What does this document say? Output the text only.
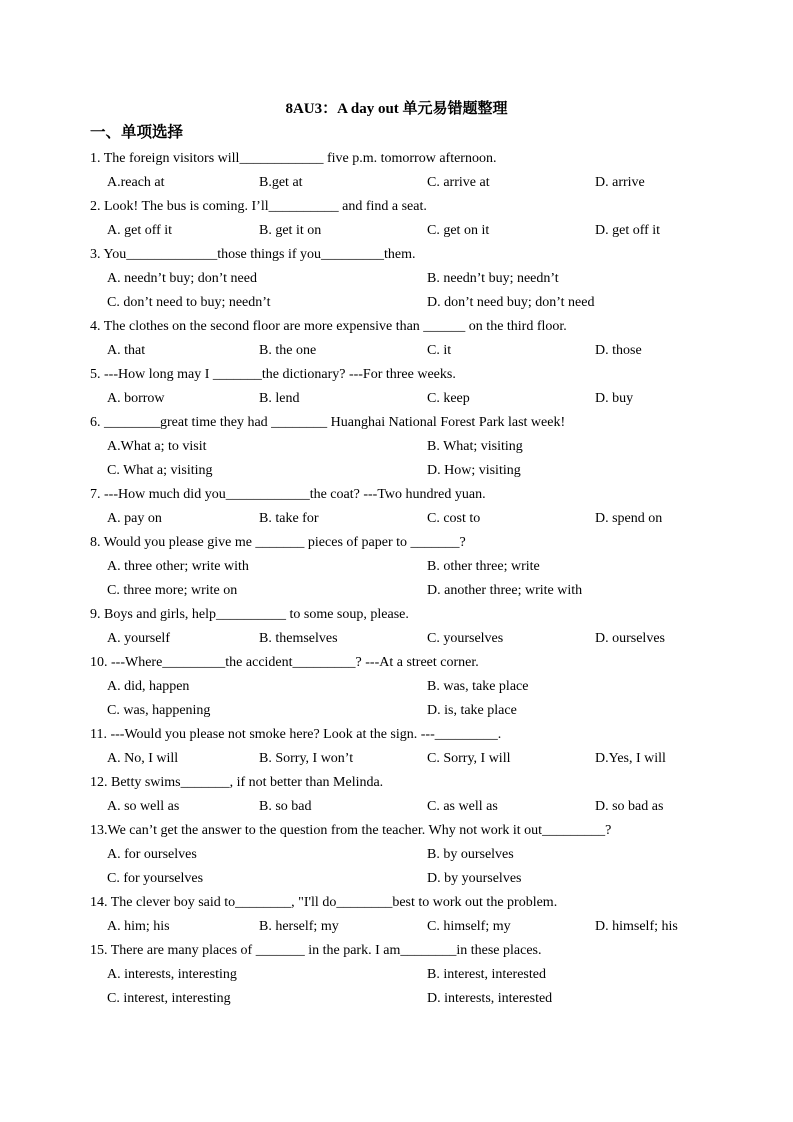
8AU3：A day out 单元易错题整理
一、单项选择
1. The foreign visitors will____________ five p.m. tomorrow afternoon.
A.reach at	B.get at	C. arrive at	D. arrive
2. Look! The bus is coming. I’ll__________ and find a seat.
A. get off it	B. get it on	C. get on it	D. get off it
3. You_____________those things if you_________them.
A. needn’t buy; don’t need	B. needn’t buy; needn’t
C. don’t need to buy; needn’t	D. don’t need buy; don’t need
4. The clothes on the second floor are more expensive than ______ on the third floor.
A. that	B. the one	C. it	D. those
5. ---How long may I _______the dictionary? ---For three weeks.
A. borrow	B. lend	C. keep	D. buy
6. ________great time they had ________ Huanghai National Forest Park last week!
A.What a; to visit	B. What; visiting
C. What a; visiting	D. How; visiting
7. ---How much did you____________the coat? ---Two hundred yuan.
A. pay on	B. take for	C. cost to	D. spend on
8. Would you please give me _______ pieces of paper to _______?
A. three other; write with	B. other three; write
C. three more; write on	D. another three; write with
9. Boys and girls, help__________ to some soup, please.
A. yourself	B. themselves	C. yourselves	D. ourselves
10. ---Where_________the accident_________? ---At a street corner.
A. did, happen	B. was, take place
C. was, happening	D. is, take place
11. ---Would you please not smoke here? Look at the sign. ---_________.
A. No, I will	B. Sorry, I won’t	C. Sorry, I will	D.Yes, I will
12. Betty swims_______, if not better than Melinda.
A. so well as	B. so bad	C. as well as	D. so bad as
13.We can’t get the answer to the question from the teacher. Why not work it out_________?
A. for ourselves	B. by ourselves
C. for yourselves	D. by yourselves
14. The clever boy said to________, "I'll do________best to work out the problem.
A. him; his	B. herself; my	C. himself; my	D. himself; his
15. There are many places of _______ in the park. I am________in these places.
A. interests, interesting	B. interest, interested
C. interest, interesting	D. interests, interested
